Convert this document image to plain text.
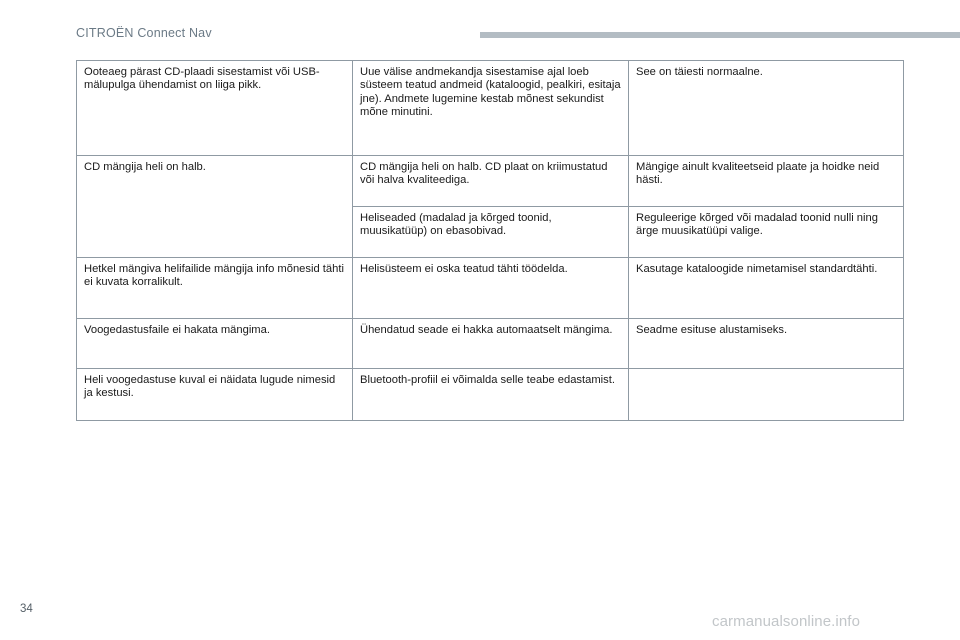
CITROËN Connect Nav
Ooteaeg pärast CD-plaadi sisestamist või USB-mälupulga ühendamist on liiga pikk.	Uue välise andmekandja sisestamise ajal loeb süsteem teatud andmeid (kataloogid, pealkiri, esitaja jne). Andmete lugemine kestab mõnest sekundist mõne minutini.	See on täiesti normaalne.
CD mängija heli on halb.	CD mängija heli on halb. CD plaat on kriimustatud või halva kvaliteediga.	Mängige ainult kvaliteetseid plaate ja hoidke neid hästi.
	Heliseaded (madalad ja kõrged toonid, muusikatüüp) on ebasobivad.	Reguleerige kõrged või madalad toonid nulli ning ärge muusikatüüpi valige.
Hetkel mängiva helifailide mängija info mõnesid tähti ei kuvata korralikult.	Helisüsteem ei oska teatud tähti töödelda.	Kasutage kataloogide nimetamisel standardtähti.
Voogedastusfaile ei hakata mängima.	Ühendatud seade ei hakka automaatselt mängima.	Seadme esituse alustamiseks.
Heli voogedastuse kuval ei näidata lugude nimesid ja kestusi.	Bluetooth-profiil ei võimalda selle teabe edastamist.	
34
carmanualsonline.info
